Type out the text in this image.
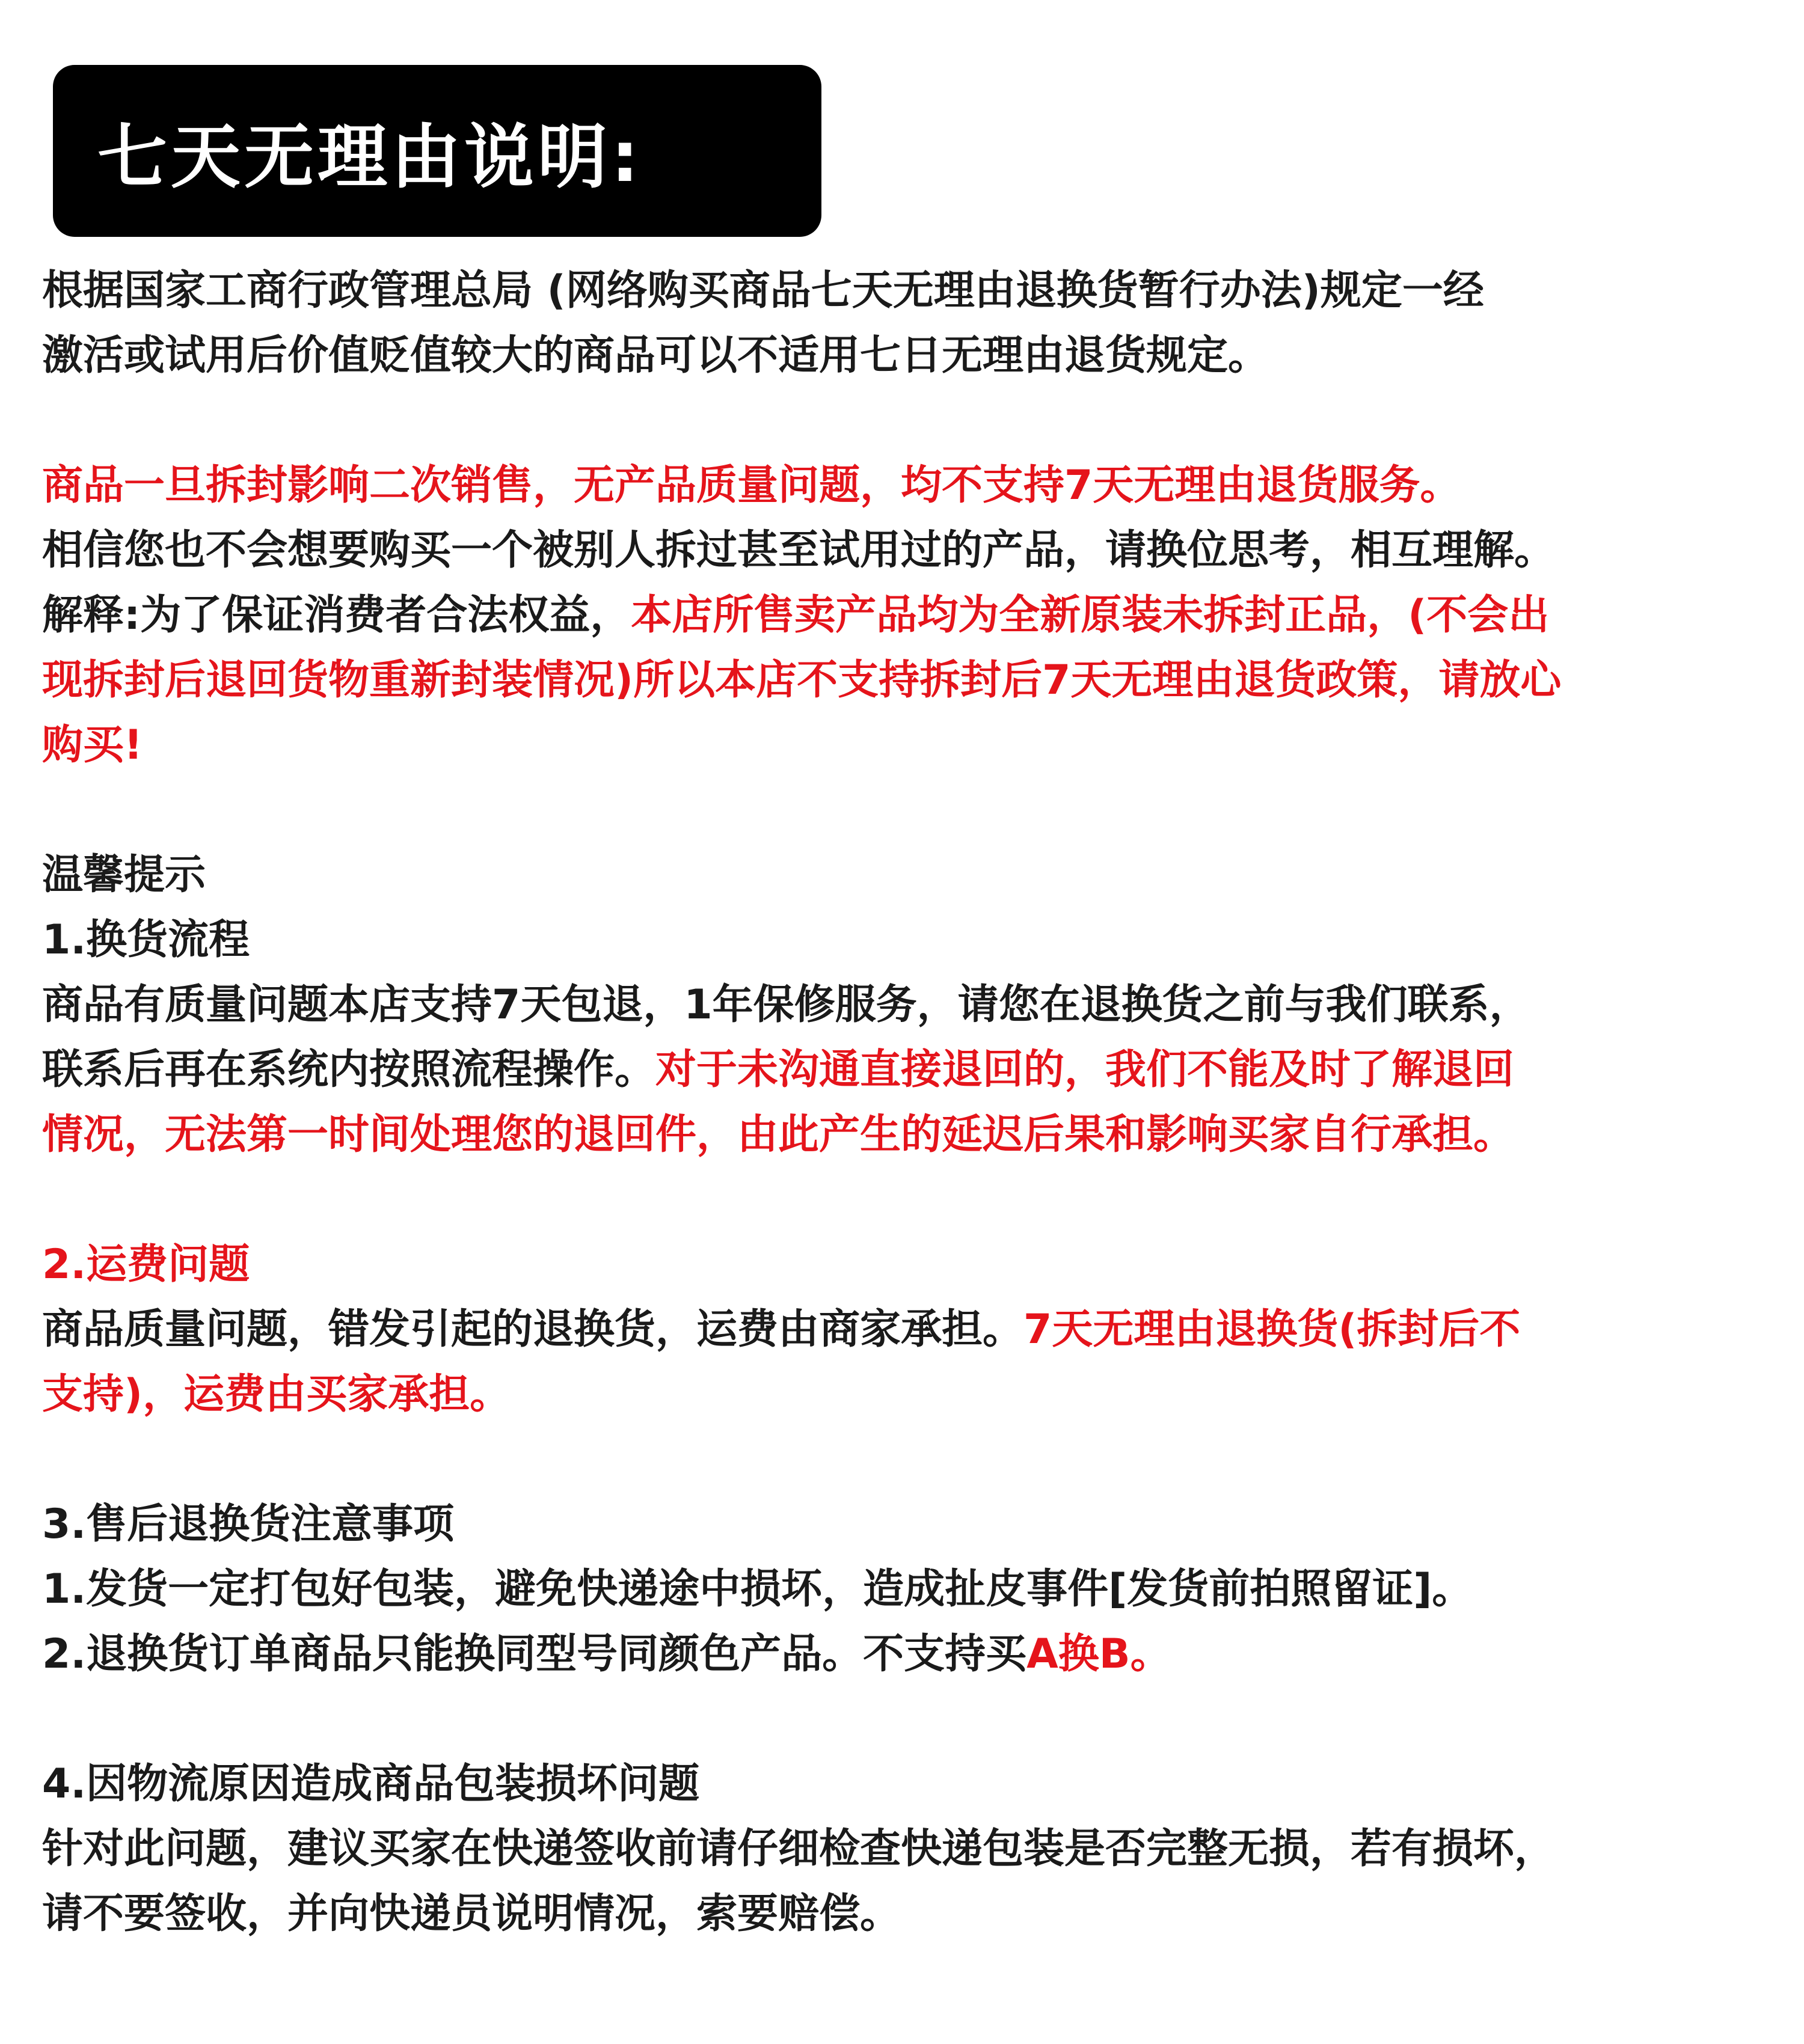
七天无理由说明:
根据国家工商行政管理总局 (网络购买商品七天无理由退换货暂行办法)规定一经
激活或试用后价值贬值较大的商品可以不适用七日无理由退货规定。
商品一旦拆封影响二次销售，无产品质量问题，均不支持7天无理由退货服务。
相信您也不会想要购买一个被别人拆过甚至试用过的产品，请换位思考，相互理解。
解释:为了保证消费者合法权益，本店所售卖产品均为全新原装未拆封正品，(不会出
现拆封后退回货物重新封装情况)所以本店不支持拆封后7天无理由退货政策，请放心
购买!
温馨提示
1.换货流程
商品有质量问题本店支持7天包退，1年保修服务，请您在退换货之前与我们联系，
联系后再在系统内按照流程操作。对于未沟通直接退回的，我们不能及时了解退回
情况，无法第一时间处理您的退回件，由此产生的延迟后果和影响买家自行承担。
2.运费问题
商品质量问题，错发引起的退换货，运费由商家承担。7天无理由退换货(拆封后不
支持)，运费由买家承担。
3.售后退换货注意事项
1.发货一定打包好包装，避免快递途中损坏，造成扯皮事件[发货前拍照留证]。
2.退换货订单商品只能换同型号同颜色产品。不支持买A换B。
4.因物流原因造成商品包装损坏问题
针对此问题，建议买家在快递签收前请仔细检查快递包装是否完整无损，若有损坏，
请不要签收，并向快递员说明情况，索要赔偿。
